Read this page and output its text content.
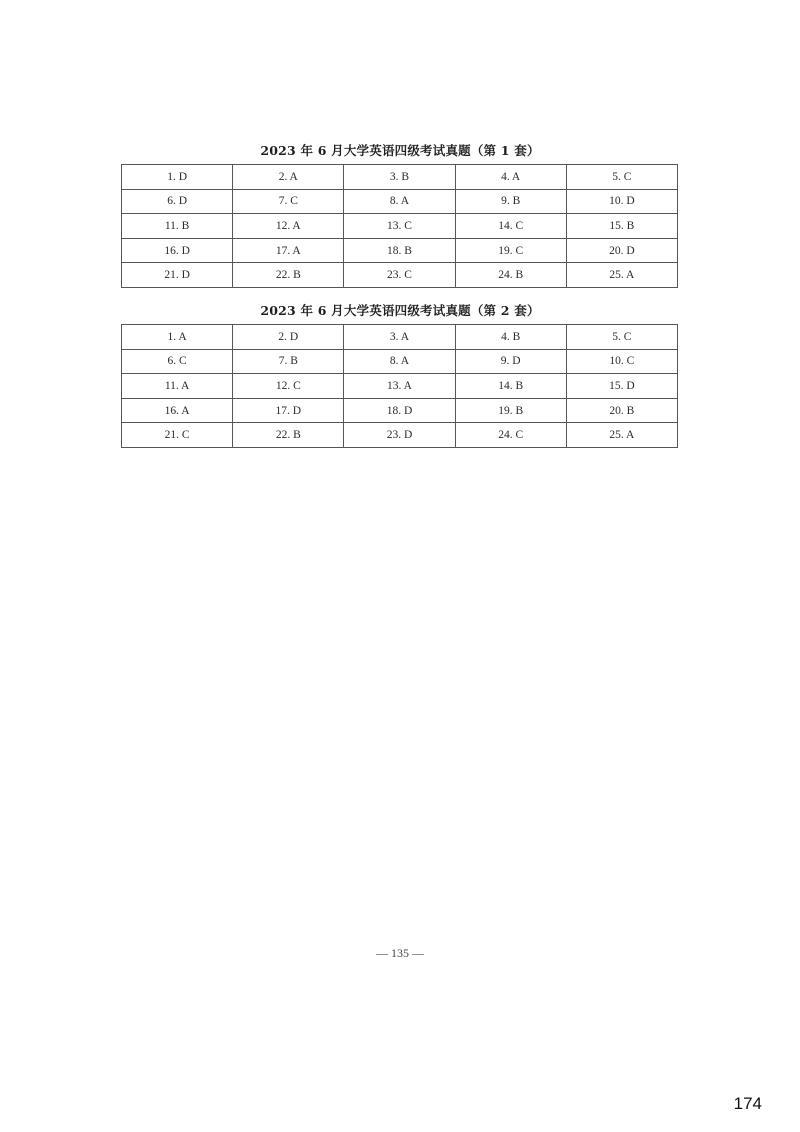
2023 年 6 月大学英语四级考试真题（第 1 套）
1. D	2. A	3. B	4. A	5. C
6. D	7. C	8. A	9. B	10. D
11. B	12. A	13. C	14. C	15. B
16. D	17. A	18. B	19. C	20. D
21. D	22. B	23. C	24. B	25. A
2023 年 6 月大学英语四级考试真题（第 2 套）
1. A	2. D	3. A	4. B	5. C
6. C	7. B	8. A	9. D	10. C
11. A	12. C	13. A	14. B	15. D
16. A	17. D	18. D	19. B	20. B
21. C	22. B	23. D	24. C	25. A
— 135 —
174
